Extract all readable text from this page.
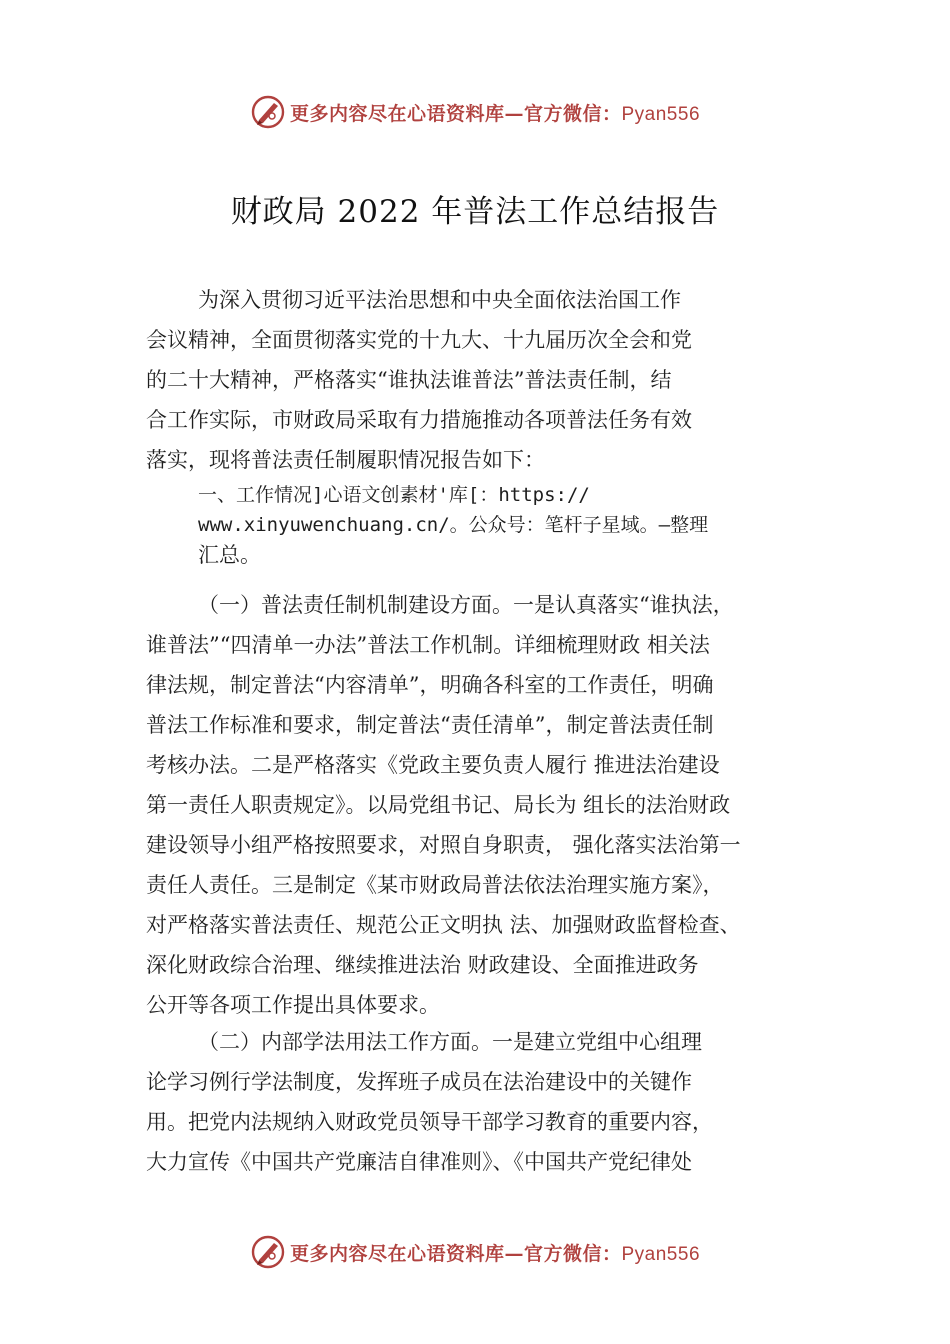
更多内容尽在心语资料库—官方微信：Pyan556
财政局 2022 年普法工作总结报告
为深入贯彻习近平法治思想和中央全面依法治国工作
会议精神，全面贯彻落实党的十九大、十九届历次全会和党
的二十大精神，严格落实“谁执法谁普法”普法责任制，结
合工作实际，市财政局采取有力措施推动各项普法任务有效
落实，现将普法责任制履职情况报告如下：
一、工作情况]心语文创素材'库[：https://
www.xinyuwenchuang.cn/。公众号：笔杆子星域。—整理
汇总。
（一）普法责任制机制建设方面。一是认真落实“谁执法，
谁普法”“四清单一办法”普法工作机制。详细梳理财政 相关法
律法规，制定普法“内容清单”，明确各科室的工作责任，明确
普法工作标准和要求，制定普法“责任清单”，制定普法责任制
考核办法。二是严格落实《党政主要负责人履行 推进法治建设
第一责任人职责规定》。以局党组书记、局长为 组长的法治财政
建设领导小组严格按照要求，对照自身职责， 强化落实法治第一
责任人责任。三是制定《某市财政局普法依法治理实施方案》，
对严格落实普法责任、规范公正文明执 法、加强财政监督检查、
深化财政综合治理、继续推进法治 财政建设、全面推进政务
公开等各项工作提出具体要求。
（二）内部学法用法工作方面。一是建立党组中心组理
论学习例行学法制度，发挥班子成员在法治建设中的关键作
用。把党内法规纳入财政党员领导干部学习教育的重要内容，
大力宣传《中国共产党廉洁自律准则》、《中国共产党纪律处
更多内容尽在心语资料库—官方微信：Pyan556
